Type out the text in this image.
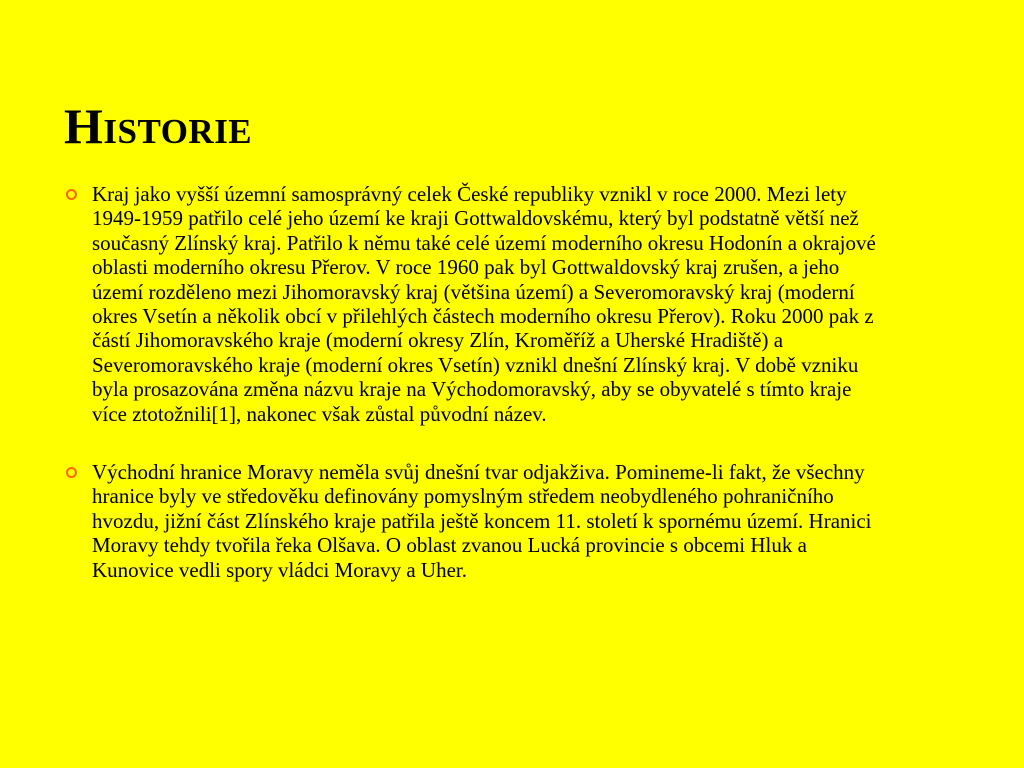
Historie
Kraj jako vyšší územní samosprávný celek České republiky vznikl v roce 2000. Mezi lety 1949-1959 patřilo celé jeho území ke kraji Gottwaldovskému, který byl podstatně větší než současný Zlínský kraj. Patřilo k němu také celé území moderního okresu Hodonín a okrajové oblasti moderního okresu Přerov. V roce 1960 pak byl Gottwaldovský kraj zrušen, a jeho území rozděleno mezi Jihomoravský kraj (většina území) a Severomoravský kraj (moderní okres Vsetín a několik obcí v přilehlých částech moderního okresu Přerov). Roku 2000 pak z částí Jihomoravského kraje (moderní okresy Zlín, Kroměříž a Uherské Hradiště) a Severomoravského kraje (moderní okres Vsetín) vznikl dnešní Zlínský kraj. V době vzniku byla prosazována změna názvu kraje na Východomoravský, aby se obyvatelé s tímto kraje více ztotožnili[1], nakonec však zůstal původní název.
Východní hranice Moravy neměla svůj dnešní tvar odjakživa. Pomineme-li fakt, že všechny hranice byly ve středověku definovány pomyslným středem neobydleného pohraničního hvozdu, jižní část Zlínského kraje patřila ještě koncem 11. století k spornému území. Hranici Moravy tehdy tvořila řeka Olšava. O oblast zvanou Lucká provincie s obcemi Hluk a Kunovice vedli spory vládci Moravy a Uher.
